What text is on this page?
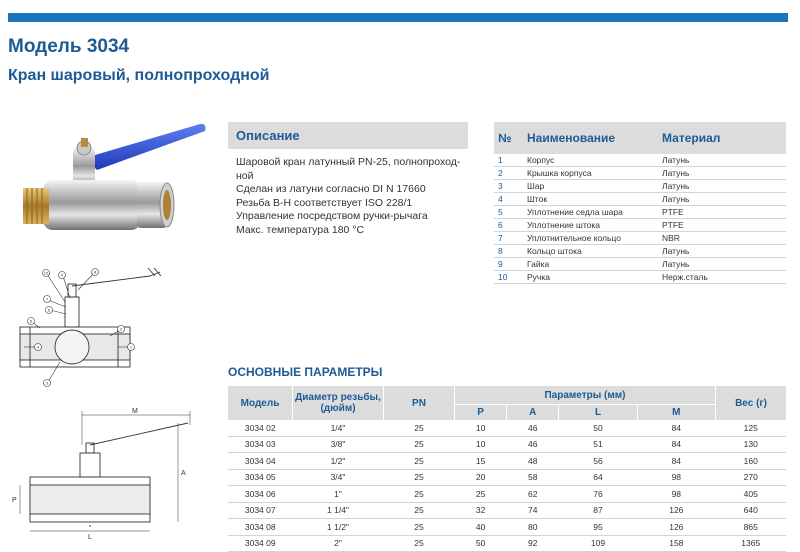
Модель 3034
Кран шаровый, полнопроходной
10	9
8
7
6
5
4
3
2
1
M
A
P
L
Описание
Шаровой кран латунный PN-25, полнопроход-ной
Сделан из латуни согласно DI N 17660
Резьба В-Н соответствует ISO 228/1
Управление посредством ручки-рычага
Макс. температура 180 °С
№	Наименование	Материал
1	Корпус	Латунь
2	Крышка корпуса	Латунь
3	Шар	Латунь
4	Шток	Латунь
5	Уплотнение седла шара	PTFE
6	Уплотнение штока	PTFE
7	Уплотнительное кольцо	NBR
8	Кольцо штока	Латунь
9	Гайка	Латунь
10	Ручка	Нерж.сталь
ОСНОВНЫЕ ПАРАМЕТРЫ
Модель	Диаметр резьбы, (дюйм)	PN	Параметры (мм)				Вес (г)
			P	A	L	M	
3034 02	1/4"	25	10	46	50	84	125
3034 03	3/8"	25	10	46	51	84	130
3034 04	1/2"	25	15	48	56	84	160
3034 05	3/4"	25	20	58	64	98	270
3034 06	1"	25	25	62	76	98	405
3034 07	1 1/4"	25	32	74	87	126	640
3034 08	1 1/2"	25	40	80	95	126	865
3034 09	2"	25	50	92	109	158	1365
